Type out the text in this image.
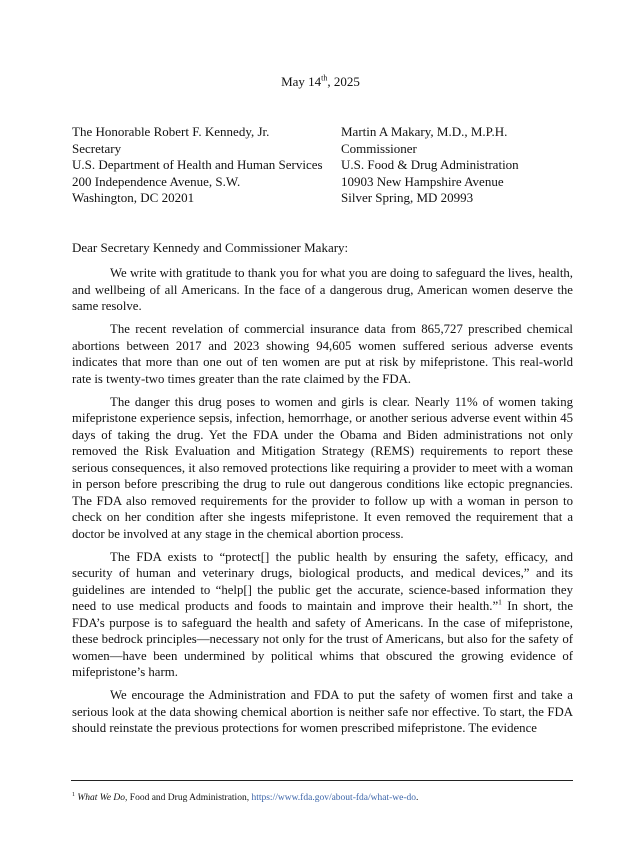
May 14th, 2025
The Honorable Robert F. Kennedy, Jr.
Secretary
U.S. Department of Health and Human Services
200 Independence Avenue, S.W.
Washington, DC 20201
Martin A Makary, M.D., M.P.H.
Commissioner
U.S. Food & Drug Administration
10903 New Hampshire Avenue
Silver Spring, MD 20993
Dear Secretary Kennedy and Commissioner Makary:

We write with gratitude to thank you for what you are doing to safeguard the lives, health, and wellbeing of all Americans. In the face of a dangerous drug, American women deserve the same resolve.

The recent revelation of commercial insurance data from 865,727 prescribed chemical abortions between 2017 and 2023 showing 94,605 women suffered serious adverse events indicates that more than one out of ten women are put at risk by mifepristone. This real-world rate is twenty-two times greater than the rate claimed by the FDA.

The danger this drug poses to women and girls is clear. Nearly 11% of women taking mifepristone experience sepsis, infection, hemorrhage, or another serious adverse event within 45 days of taking the drug. Yet the FDA under the Obama and Biden administrations not only removed the Risk Evaluation and Mitigation Strategy (REMS) requirements to report these serious consequences, it also removed protections like requiring a provider to meet with a woman in person before prescribing the drug to rule out dangerous conditions like ectopic pregnancies. The FDA also removed requirements for the provider to follow up with a woman in person to check on her condition after she ingests mifepristone. It even removed the requirement that a doctor be involved at any stage in the chemical abortion process.

The FDA exists to “protect[] the public health by ensuring the safety, efficacy, and security of human and veterinary drugs, biological products, and medical devices,” and its guidelines are intended to “help[] the public get the accurate, science-based information they need to use medical products and foods to maintain and improve their health.”$^1$ In short, the FDA’s purpose is to safeguard the health and safety of Americans. In the case of mifepristone, these bedrock principles—necessary not only for the trust of Americans, but also for the safety of women—have been undermined by political whims that obscured the growing evidence of mifepristone’s harm.

We encourage the Administration and FDA to put the safety of women first and take a serious look at the data showing chemical abortion is neither safe nor effective. To start, the FDA should reinstate the previous protections for women prescribed mifepristone. The evidence

$^1$ What We Do, Food and Drug Administration, https://www.fda.gov/about-fda/what-we-do.
